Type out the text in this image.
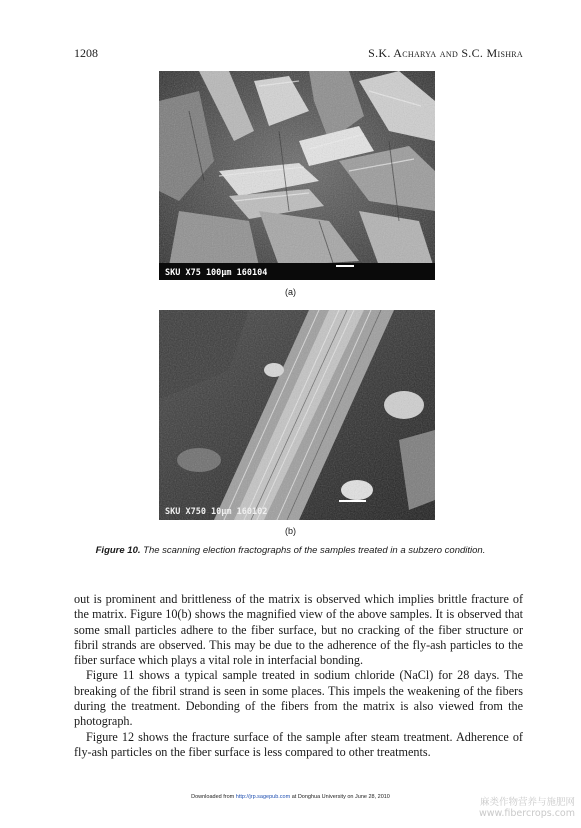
1208	S.K. Acharya and S.C. Mishra
SKU X75 100µm 160104
(a)
SKU X750 10µm 160102
(b)
Figure 10. The scanning election fractographs of the samples treated in a subzero condition.

out is prominent and brittleness of the matrix is observed which implies brittle fracture of the matrix. Figure 10(b) shows the magnified view of the above samples. It is observed that some small particles adhere to the fiber surface, but no cracking of the fiber structure or fibril strands are observed. This may be due to the adherence of the fly-ash particles to the fiber surface which plays a vital role in interfacial bonding.

Figure 11 shows a typical sample treated in sodium chloride (NaCl) for 28 days. The breaking of the fibril strand is seen in some places. This impels the weakening of the fibers during the treatment. Debonding of the fibers from the matrix is also viewed from the photograph.

Figure 12 shows the fracture surface of the sample after steam treatment. Adherence of fly-ash particles on the fiber surface is less compared to other treatments.

Downloaded from http://jrp.sagepub.com at Donghua University on June 28, 2010	麻类作物营养与施肥网
www.fibercrops.com
